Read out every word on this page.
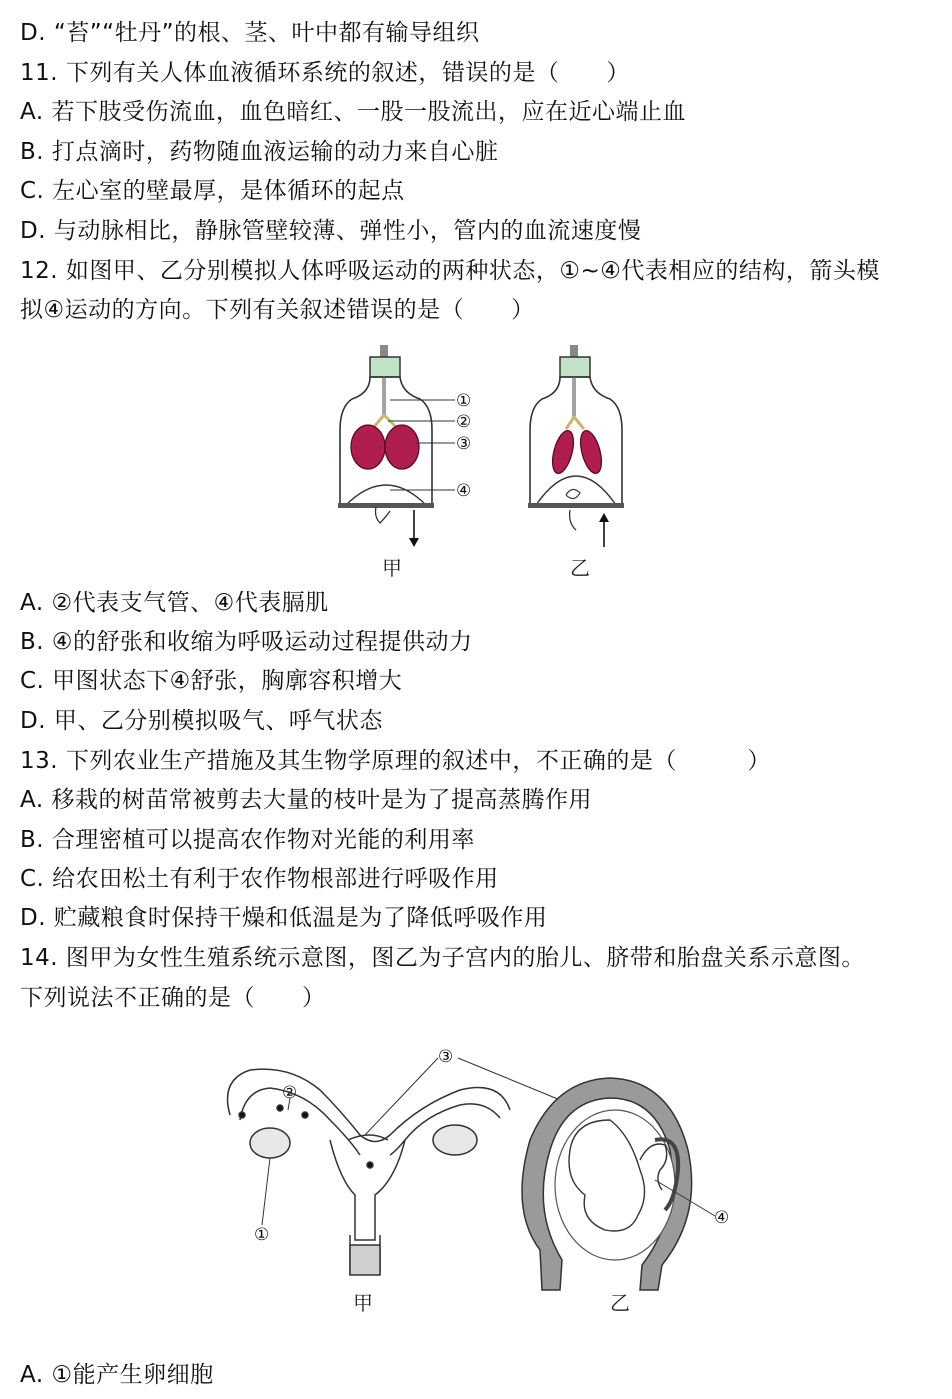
D. “苔”“牡丹”的根、茎、叶中都有输导组织
11. 下列有关人体血液循环系统的叙述，错误的是（　　）
A. 若下肢受伤流血，血色暗红、一股一股流出，应在近心端止血
B. 打点滴时，药物随血液运输的动力来自心脏
C. 左心室的壁最厚，是体循环的起点
D. 与动脉相比，静脉管壁较薄、弹性小，管内的血流速度慢
12. 如图甲、乙分别模拟人体呼吸运动的两种状态，①~④代表相应的结构，箭头模
拟④运动的方向。下列有关叙述错误的是（　　）
①
②
③
④
甲	乙
A. ②代表支气管、④代表膈肌
B. ④的舒张和收缩为呼吸运动过程提供动力
C. 甲图状态下④舒张，胸廓容积增大
D. 甲、乙分别模拟吸气、呼气状态
13. 下列农业生产措施及其生物学原理的叙述中，不正确的是（　　　）
A. 移栽的树苗常被剪去大量的枝叶是为了提高蒸腾作用
B. 合理密植可以提高农作物对光能的利用率
C. 给农田松土有利于农作物根部进行呼吸作用
D. 贮藏粮食时保持干燥和低温是为了降低呼吸作用
14. 图甲为女性生殖系统示意图，图乙为子宫内的胎儿、脐带和胎盘关系示意图。
下列说法不正确的是（　　）
①
②
甲
③
④
乙
A. ①能产生卵细胞
